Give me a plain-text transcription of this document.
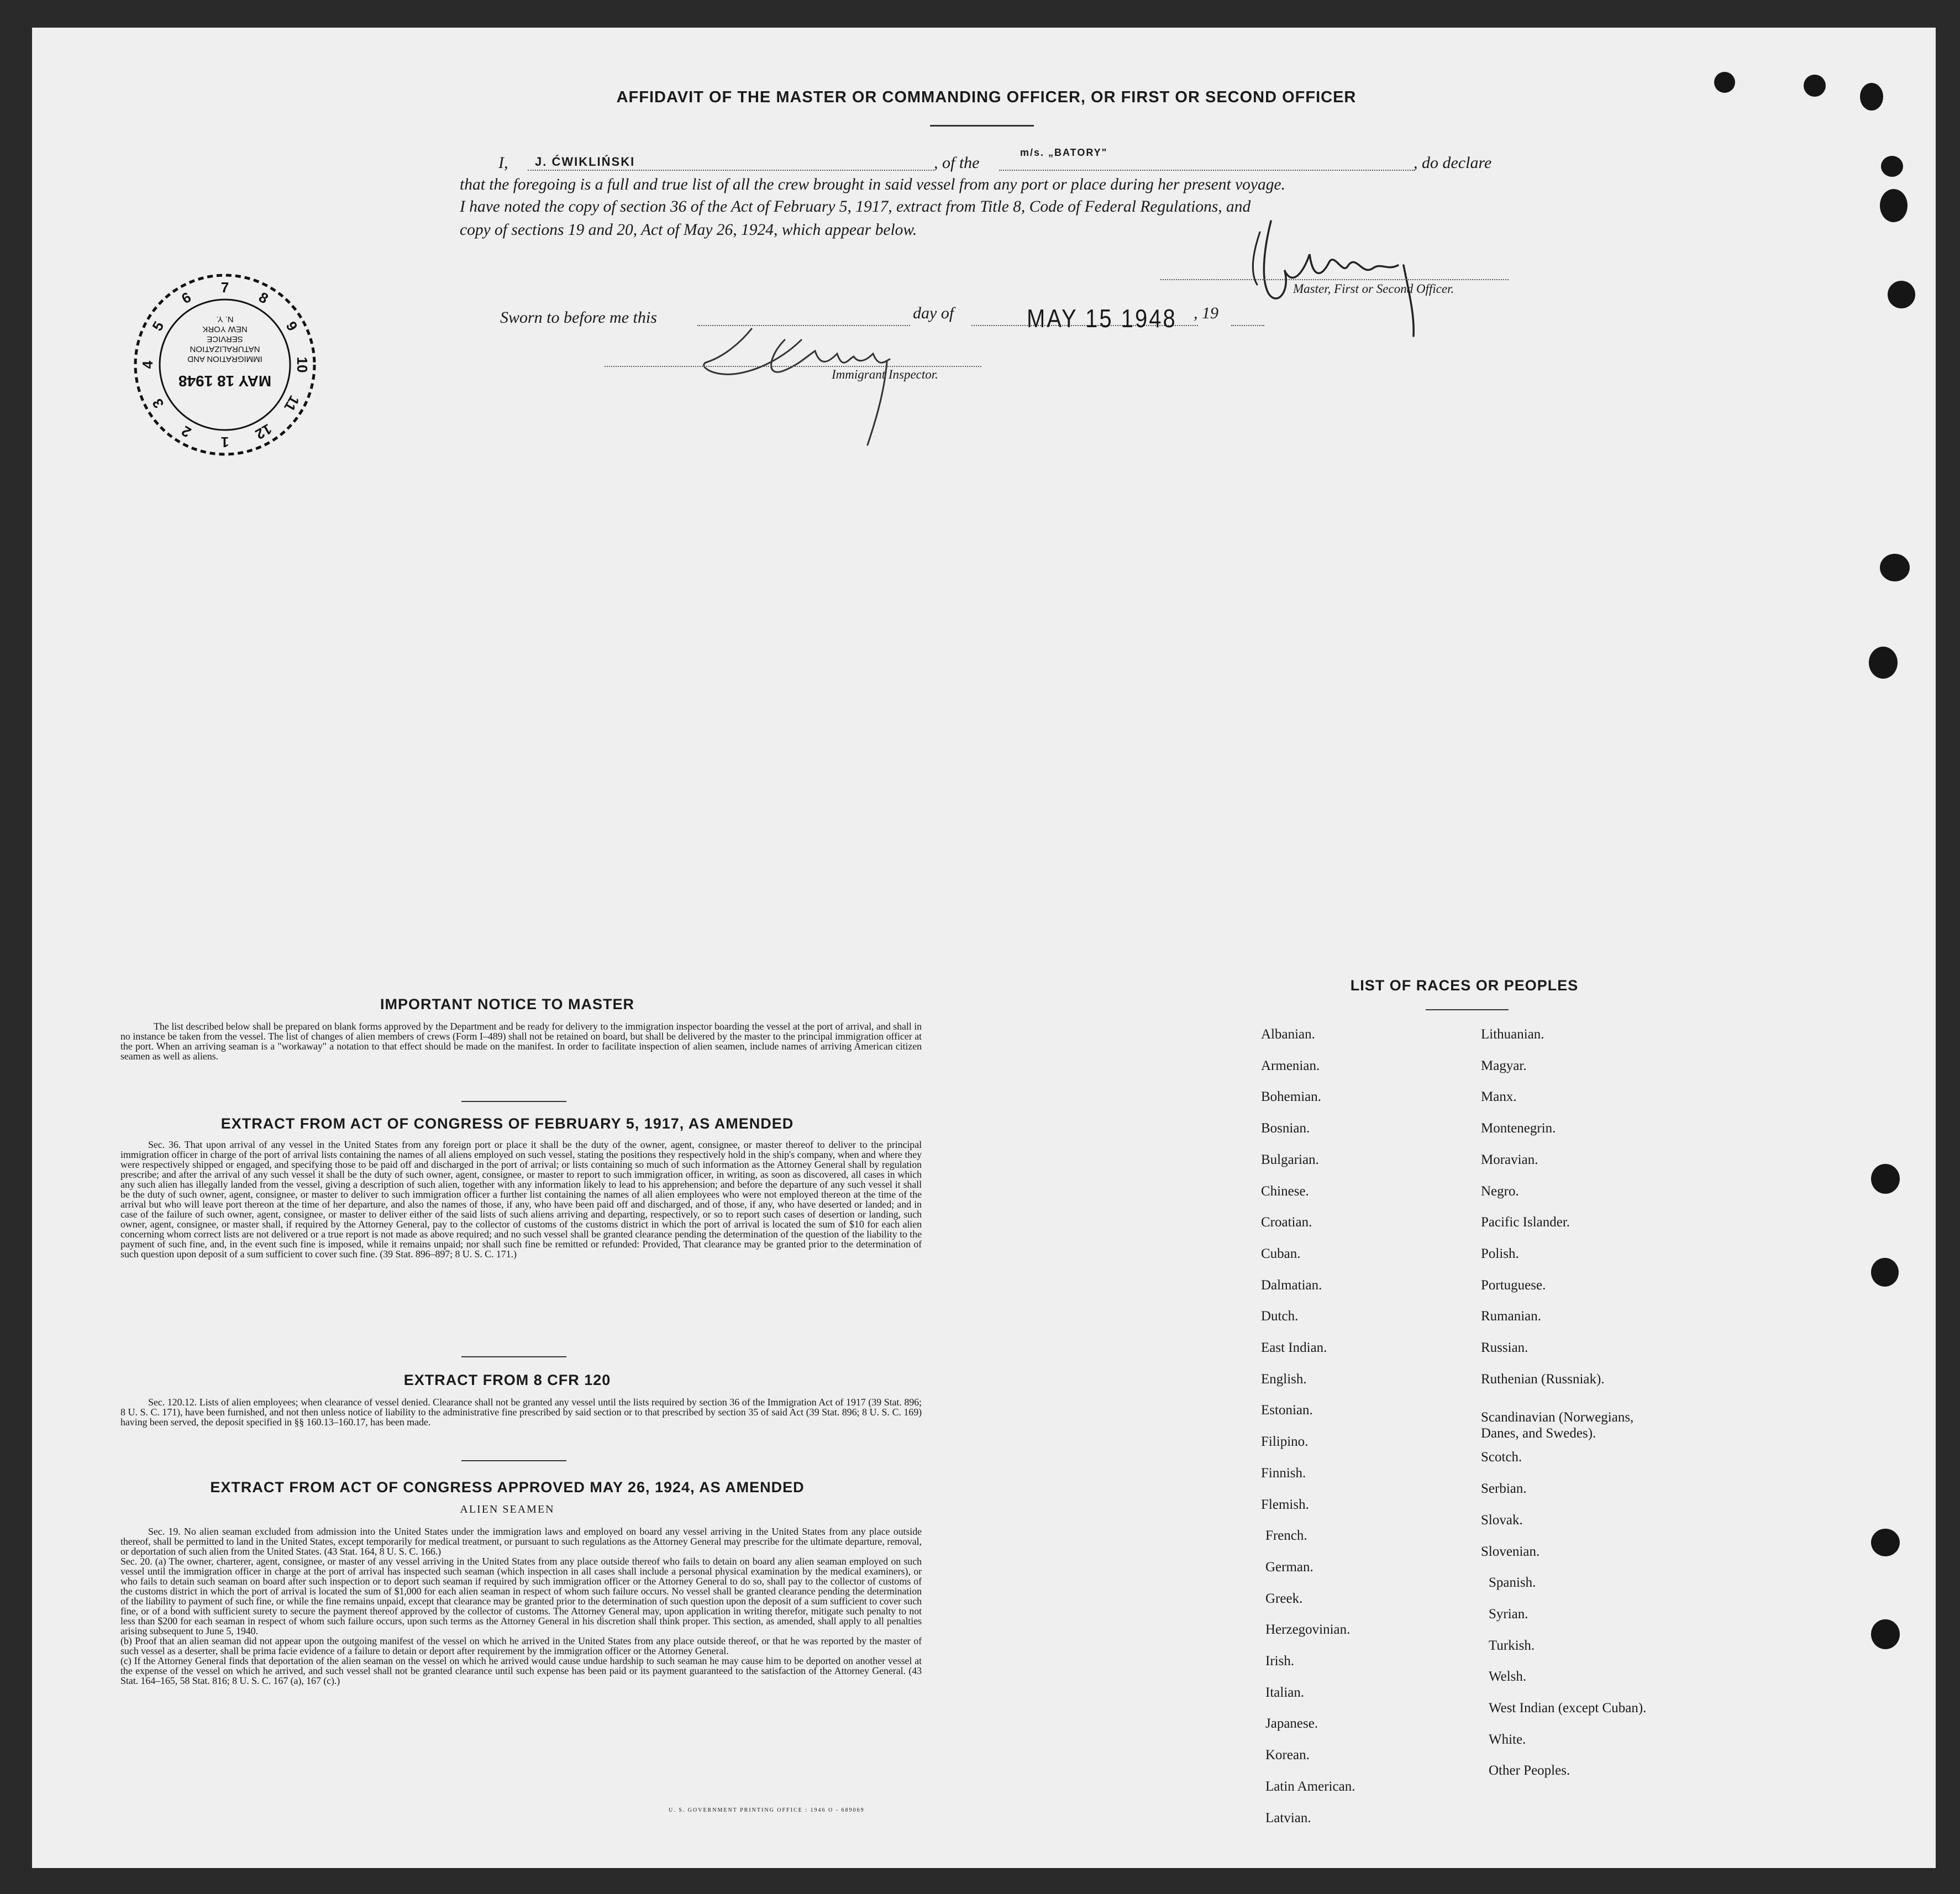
AFFIDAVIT OF THE MASTER OR COMMANDING OFFICER, OR FIRST OR SECOND OFFICER
I, J. ĆWIKLIŃSKI	, of the
m/s. „BATORY"
, do declare
that the foregoing is a full and true list of all the crew brought in said vessel from any port or place during her present voyage.
I have noted the copy of section 36 of the Act of February 5, 1917, extract from Title 8, Code of Federal Regulations, and
copy of sections 19 and 20, Act of May 26, 1924, which appear below.
Master, First or Second Officer.
Sworn to before me this	day of	MAY 15 1948 , 19
Immigrant Inspector.
MAY 18 1948
IMMIGRATION AND
NATURALIZATION
SERVICE
NEW YORK
N. Y.
1
2
3
4
5
6
7
8
9
10
11
12
IMPORTANT NOTICE TO MASTER
The list described below shall be prepared on blank forms approved by the Department and be ready for delivery to the immigration inspector boarding the vessel at the port of arrival, and shall in no instance be taken from the vessel. The list of changes of alien members of crews (Form I–489) shall not be retained on board, but shall be delivered by the master to the principal immigration officer at the port. When an arriving seaman is a "workaway" a notation to that effect should be made on the manifest. In order to facilitate inspection of alien seamen, include names of arriving American citizen seamen as well as aliens.
EXTRACT FROM ACT OF CONGRESS OF FEBRUARY 5, 1917, AS AMENDED
Sec. 36. That upon arrival of any vessel in the United States from any foreign port or place it shall be the duty of the owner, agent, consignee, or master thereof to deliver to the principal immigration officer in charge of the port of arrival lists containing the names of all aliens employed on such vessel, stating the positions they respectively hold in the ship's company, when and where they were respectively shipped or engaged, and specifying those to be paid off and discharged in the port of arrival; or lists containing so much of such information as the Attorney General shall by regulation prescribe; and after the arrival of any such vessel it shall be the duty of such owner, agent, consignee, or master to report to such immigration officer, in writing, as soon as discovered, all cases in which any such alien has illegally landed from the vessel, giving a description of such alien, together with any information likely to lead to his apprehension; and before the departure of any such vessel it shall be the duty of such owner, agent, consignee, or master to deliver to such immigration officer a further list containing the names of all alien employees who were not employed thereon at the time of the arrival but who will leave port thereon at the time of her departure, and also the names of those, if any, who have been paid off and discharged, and of those, if any, who have deserted or landed; and in case of the failure of such owner, agent, consignee, or master to deliver either of the said lists of such aliens arriving and departing, respectively, or so to report such cases of desertion or landing, such owner, agent, consignee, or master shall, if required by the Attorney General, pay to the collector of customs of the customs district in which the port of arrival is located the sum of $10 for each alien concerning whom correct lists are not delivered or a true report is not made as above required; and no such vessel shall be granted clearance pending the determination of the question of the liability to the payment of such fine, and, in the event such fine is imposed, while it remains unpaid; nor shall such fine be remitted or refunded: Provided, That clearance may be granted prior to the determination of such question upon deposit of a sum sufficient to cover such fine. (39 Stat. 896–897; 8 U. S. C. 171.)
EXTRACT FROM 8 CFR 120
Sec. 120.12. Lists of alien employees; when clearance of vessel denied. Clearance shall not be granted any vessel until the lists required by section 36 of the Immigration Act of 1917 (39 Stat. 896; 8 U. S. C. 171), have been furnished, and not then unless notice of liability to the administrative fine prescribed by said section or to that prescribed by section 35 of said Act (39 Stat. 896; 8 U. S. C. 169) having been served, the deposit specified in §§ 160.13–160.17, has been made.
EXTRACT FROM ACT OF CONGRESS APPROVED MAY 26, 1924, AS AMENDED
ALIEN SEAMEN
Sec. 19. No alien seaman excluded from admission into the United States under the immigration laws and employed on board any vessel arriving in the United States from any place outside thereof, shall be permitted to land in the United States, except temporarily for medical treatment, or pursuant to such regulations as the Attorney General may prescribe for the ultimate departure, removal, or deportation of such alien from the United States. (43 Stat. 164, 8 U. S. C. 166.)
Sec. 20. (a) The owner, charterer, agent, consignee, or master of any vessel arriving in the United States from any place outside thereof who fails to detain on board any alien seaman employed on such vessel until the immigration officer in charge at the port of arrival has inspected such seaman (which inspection in all cases shall include a personal physical examination by the medical examiners), or who fails to detain such seaman on board after such inspection or to deport such seaman if required by such immigration officer or the Attorney General to do so, shall pay to the collector of customs of the customs district in which the port of arrival is located the sum of $1,000 for each alien seaman in respect of whom such failure occurs. No vessel shall be granted clearance pending the determination of the liability to payment of such fine, or while the fine remains unpaid, except that clearance may be granted prior to the determination of such question upon the deposit of a sum sufficient to cover such fine, or of a bond with sufficient surety to secure the payment thereof approved by the collector of customs. The Attorney General may, upon application in writing therefor, mitigate such penalty to not less than $200 for each seaman in respect of whom such failure occurs, upon such terms as the Attorney General in his discretion shall think proper. This section, as amended, shall apply to all penalties arising subsequent to June 5, 1940.
(b) Proof that an alien seaman did not appear upon the outgoing manifest of the vessel on which he arrived in the United States from any place outside thereof, or that he was reported by the master of such vessel as a deserter, shall be prima facie evidence of a failure to detain or deport after requirement by the immigration officer or the Attorney General.
(c) If the Attorney General finds that deportation of the alien seaman on the vessel on which he arrived would cause undue hardship to such seaman he may cause him to be deported on another vessel at the expense of the vessel on which he arrived, and such vessel shall not be granted clearance until such expense has been paid or its payment guaranteed to the satisfaction of the Attorney General. (43 Stat. 164–165, 58 Stat. 816; 8 U. S. C. 167 (a), 167 (c).)
U. S. GOVERNMENT PRINTING OFFICE : 1946 O - 689069
LIST OF RACES OR PEOPLES
Albanian.
Armenian.
Bohemian.
Bosnian.
Bulgarian.
Chinese.
Croatian.
Cuban.
Dalmatian.
Dutch.
East Indian.
English.
Estonian.
Filipino.
Finnish.
Flemish.
French.
German.
Greek.
Herzegovinian.
Irish.
Italian.
Japanese.
Korean.
Latin American.
Latvian.
Lithuanian.
Magyar.
Manx.
Montenegrin.
Moravian.
Negro.
Pacific Islander.
Polish.
Portuguese.
Rumanian.
Russian.
Ruthenian (Russniak).
Scandinavian (Norwegians,
Danes, and Swedes).
Scotch.
Serbian.
Slovak.
Slovenian.
Spanish.
Syrian.
Turkish.
Welsh.
West Indian (except Cuban).
White.
Other Peoples.
